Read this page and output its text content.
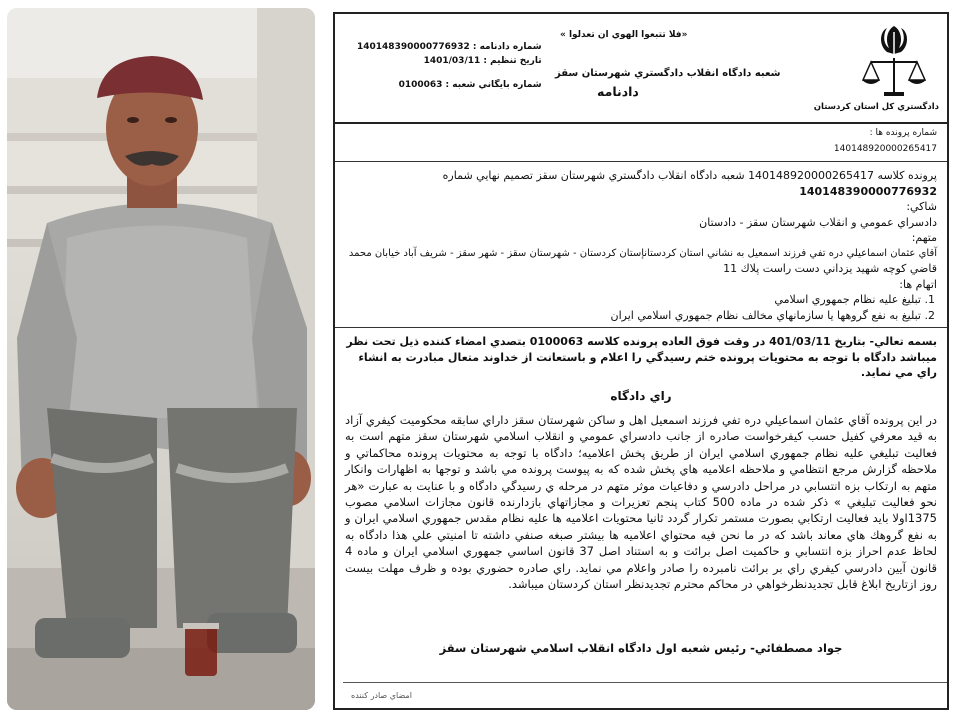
دادگستري كل استان كردستان
«فلا تتبعوا الهوي ان تعدلوا »
شعبه دادگاه انقلاب دادگستري شهرستان سقز
دادنامه
شماره دادنامه : 140148390000776932
تاريخ تنظيم : 1401/03/11
شماره بايگاني شعبه : 0100063
شماره پرونده ها :
140148920000265417
پرونده كلاسه 140148920000265417 شعبه دادگاه انقلاب دادگستري شهرستان سقز تصميم نهايي شماره
140148390000776932
شاكي:
دادسراي عمومي و انقلاب شهرستان سقز - دادستان
متهم:
آقاي عثمان اسماعيلي دره تفي فرزند اسمعيل به نشاني استان كردستانإستان كردستان - شهرستان سقز - شهر سقز - شريف آباد خيابان محمد
قاضي كوچه شهيد يزداني دست راست پلاك 11
اتهام ها:
1. تبليغ عليه نظام جمهوري اسلامي
2. تبليغ به نفع گروهها يا سازمانهاي مخالف نظام جمهوري اسلامي ايران

بسمه تعالي- بتاريخ 401/03/11 در وقت فوق العاده پرونده كلاسه 0100063 بتصدي امضاء كننده ذيل تحت نظر ميباشد دادگاه با توجه به محتويات پرونده ختم رسيدگي را اعلام و باستعانت از خداوند متعال مبادرت به انشاء راي مي نمايد.

راي دادگاه

در اين پرونده آقاي عثمان اسماعيلي دره تفي فرزند اسمعيل اهل و ساكن شهرستان سقز داراي سابقه محكوميت كيفري آزاد به قيد معرفي كفيل حسب كيفرخواست صادره از جانب دادسراي عمومي و انقلاب اسلامي شهرستان سقز متهم است به فعاليت تبليغي عليه نظام جمهوري اسلامي ايران از طريق پخش اعلاميه؛ دادگاه با توجه به محتويات پرونده محاكماتي و ملاحظه گزارش مرجع انتظامي و ملاحظه اعلاميه هاي پخش شده كه به پيوست پرونده مي باشد و توجها به اظهارات وانكار متهم به ارتكاب بزه انتسابي در مراحل دادرسي و دفاعيات موثر متهم در مرحله ي رسيدگي دادگاه و با عنايت به عبارت «هر نحو فعاليت تبليغي » ذكر شده در ماده 500 كتاب پنجم تعزيرات و مجازاتهاي بازدارنده قانون مجازات اسلامي مصوب 1375اولا بايد فعاليت ارتكابي بصورت مستمر تكرار گردد ثانيا محتويات اعلاميه ها عليه نظام مقدس جمهوري اسلامي ايران و به نفع گروهك هاي معاند باشد كه در ما نحن فيه محتواي اعلاميه ها بيشتر صبغه صنفي داشته تا امنيتي علي هذا دادگاه به لحاظ عدم احراز بزه انتسابي و حاكميت اصل برائت و به استناد اصل 37 قانون اساسي جمهوري اسلامي ايران و ماده 4 قانون آيين دادرسي كيفري راي بر برائت نامبرده را صادر واعلام مي نمايد. راي صادره حضوري بوده و ظرف مهلت بيست روز ازتاريخ ابلاغ قابل تجديدنظرخواهي در محاكم محترم تجديدنظر استان كردستان ميباشد.

جواد مصطفائي- رئيس شعبه اول دادگاه انقلاب اسلامي شهرستان سقز
امضاي صادر كننده
